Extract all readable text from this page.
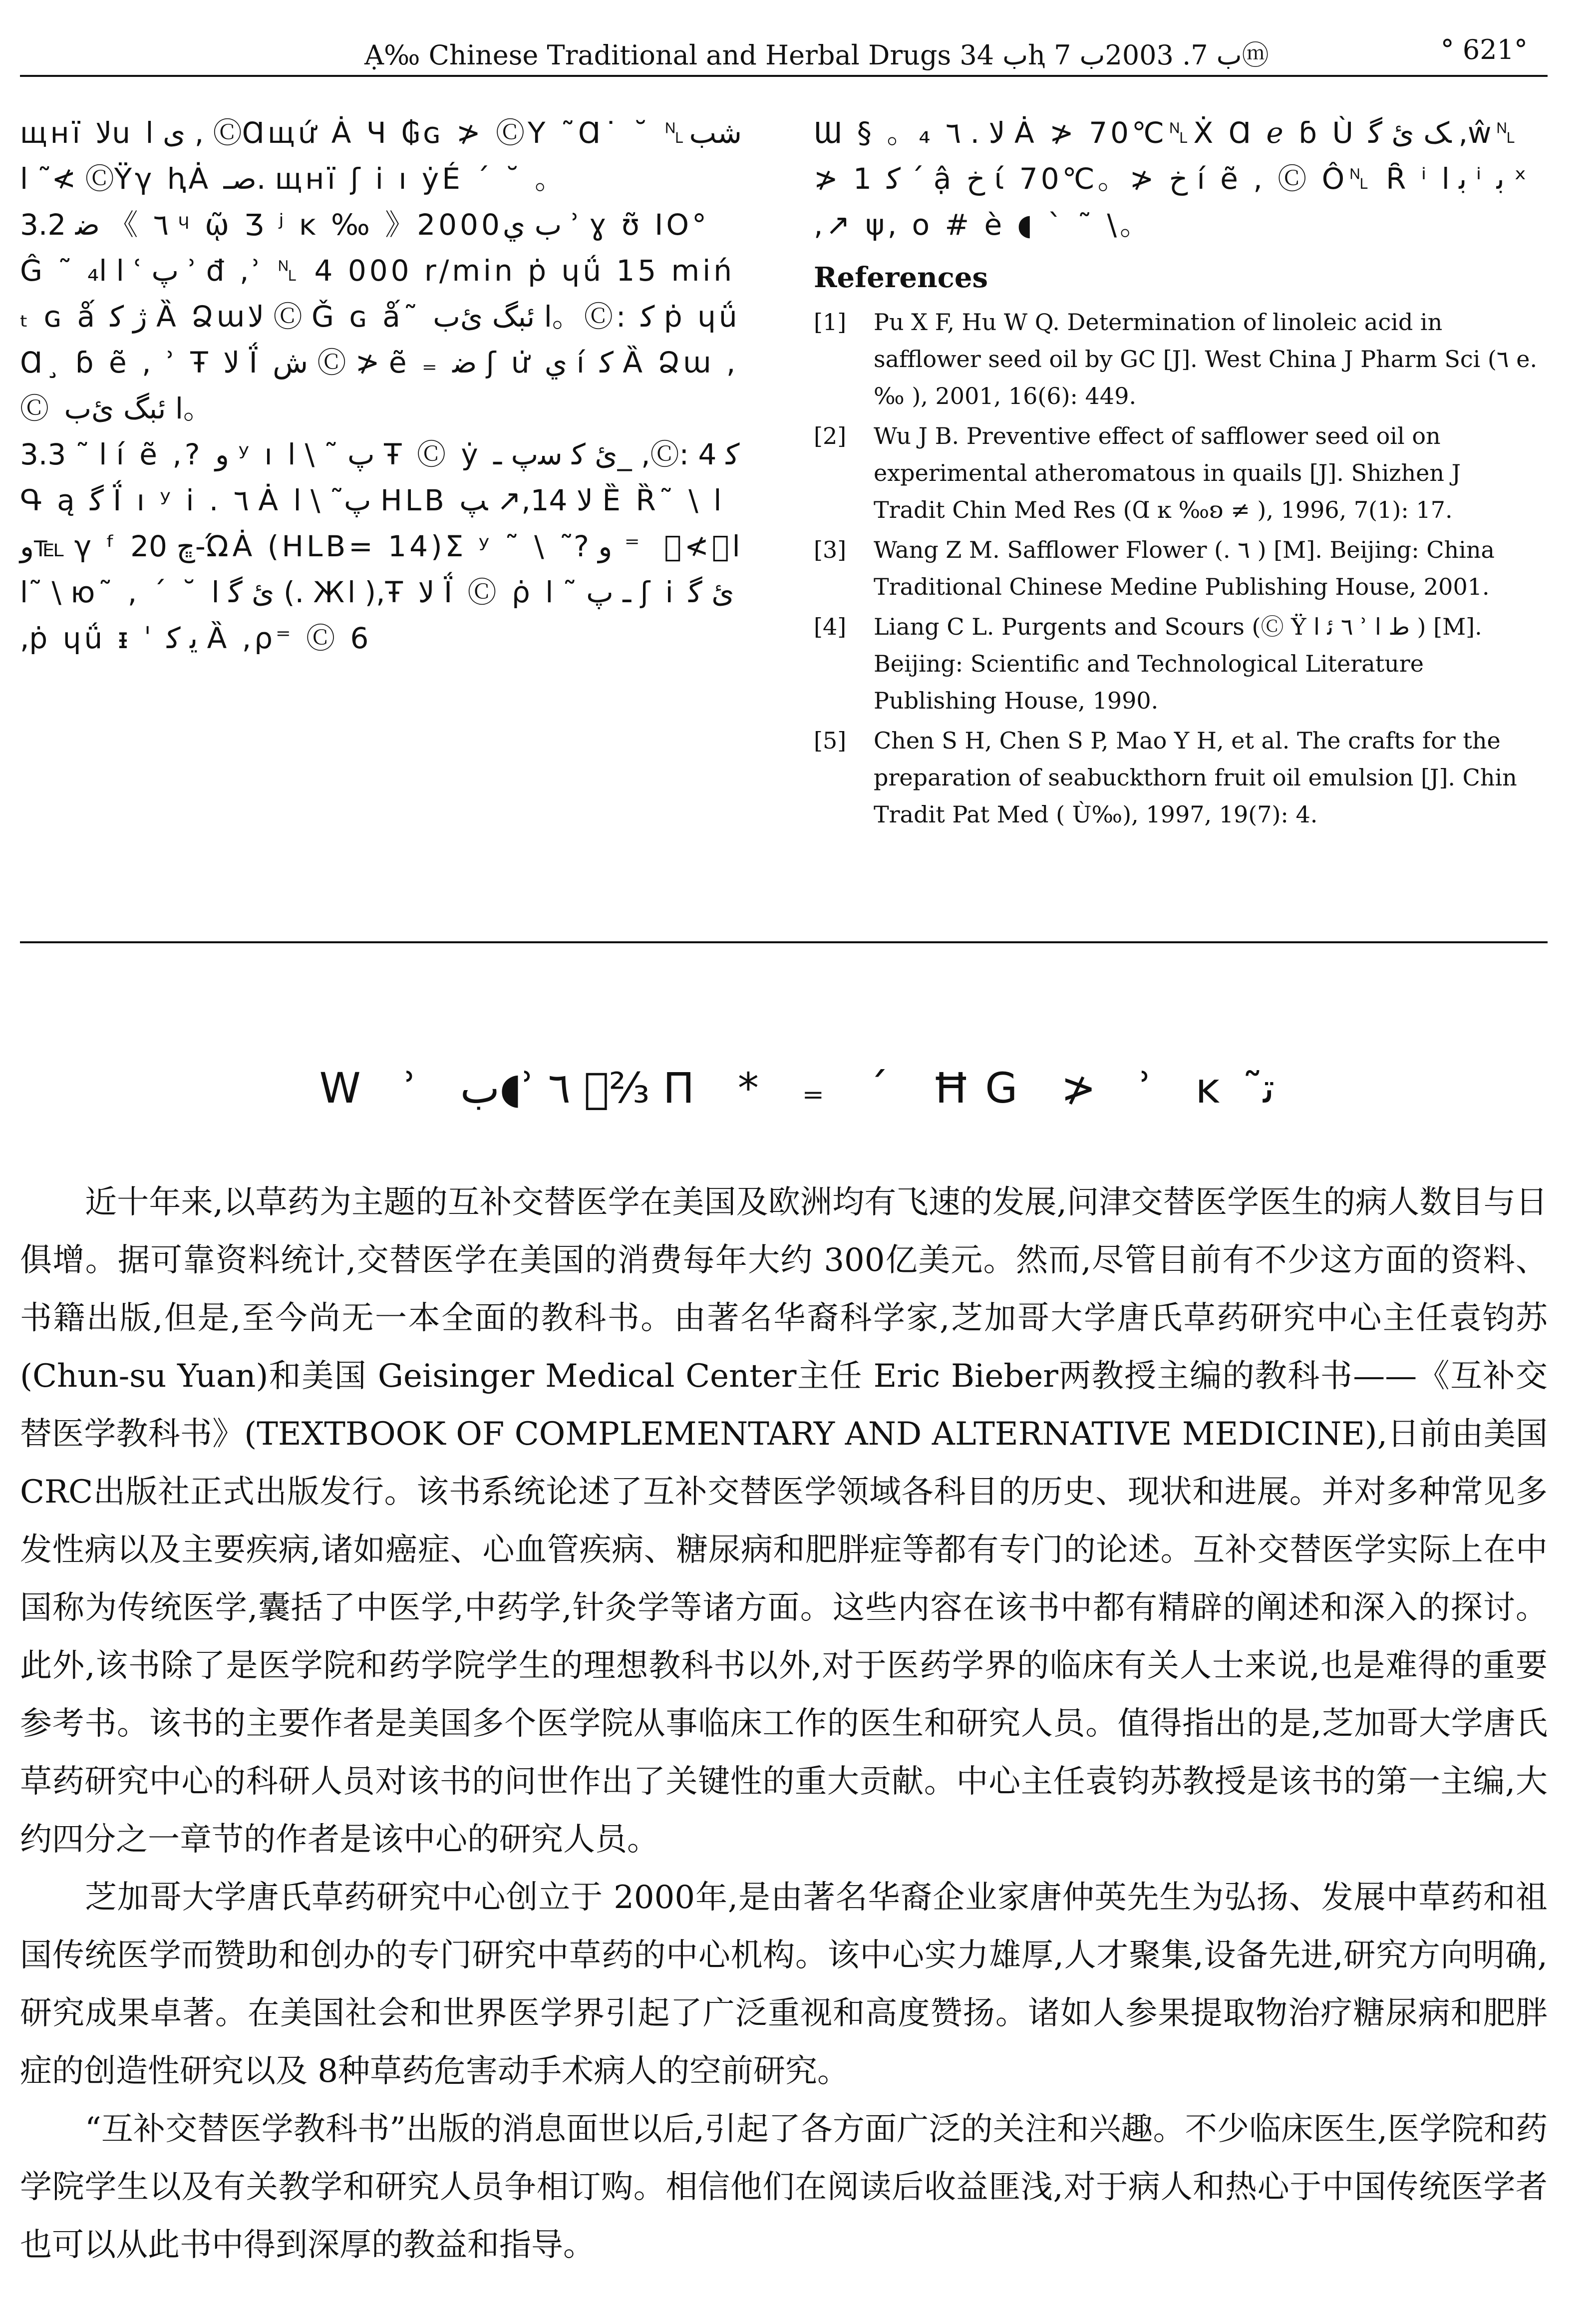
Ạ‰ Chinese Traditional and Herbal Drugs ب 34ⱨ ب 7. 2003ب 7ⓜ	° 621°

щнї ﻻu ﻯ ﺍ , ⒸⱭщứ Ȧ Ч ₲ɢ ≯ ⒸY ˜Ɑ˙ ˘ ␤شب≯˜ ﺍ ⒸŸγ ⱨȦ ﺻـ. щнї ʃ і ı ẏÉ ˊ ˘ 。

3.2 ﺿ 《 ٦ ᶣ ῷ Ʒ ʲ ĸ ‰ 》2000ب ي ʾ ɣ ʊ̃ IO° Ĝ ˜ ﺍ ﺍ₄ ʿ ﭖ ʾ đ ,ʾ ␤ 4 000 r/min ṗ ɥǘ 15 mińₜ ɢ ǻ ژ ﮐ Ȁ Ձɯﻻ Ⓒ Ǧ ɢ ǻ˜ ﺍ ﺋﺒﮓ ئﺏ。Ⓒ: ﮐ ṗ ɥǘⱭ¸ ɓ ẽ , ʾ Ŧ ﻻ Ḯ ﺵ Ⓒ ≯ ẽ ₌ ﺿ ʃ ư̇ ي í ﮐ Ȁ Ձɯ ,Ⓒ ﺍ ﺋﺒﮓ ئﺏ。

3.3 ˜ ﺍ í ẽ ,? و ʸ ı ﭖ ˜ \ ﺍ Ŧ Ⓒ ẏ ئ ﮐ ﺳپ ـ_ ,Ⓒ: ﮐ 4 Գ ą ﮔ Ḯ ı ʸ і . ٦ Ȧ ﭖ˜ \ ﺍ HLB ﻻ 14,↗ ﭗ Ȅ Ȑ˜ \ ﺍ ℡و γ ᶠ ڇ 20-ΏȦ (HLB= 14)Σ ʸ ˜ \ ﺍ。≯ ⃞ ⁼ و ?˜ ﺍ˜ \ ю˜ , ˊ ˘ ئ ﮔ ﺍ (. Жﺍ ),Ŧ ﻻ Ḯ Ⓒ ρ̇ ـ ﭖ ˜ ﺍ ʃ і ئ ﮔ ,ṗ ɥǘ ᵻ ˈ ﻳ ﮐ Ȁ ,ρ⁼ Ⓒ 6

Ɯ § 。₄ ﻻ . ٦ Ȧ ≯ 70℃␤Ẋ Ɑ ℯ ɓ Ù ﮏ ئ ﮔ ,ŵ␤≯ 1 ﮐ ˊ ậ ﺥ ί 70℃。≯ ﺥ í ẽ , Ⓒ Ô␤ Ȓ ⁱ ﺑ ﺍ ⁱ ﺑ ˣ ,↗ ψ, ο # è ◖ ˋ ˜ \。

References
[1]	Pu X F, Hu W Q. Determination of linoleic acid in safflower seed oil by GC [J]. West China J Pharm Sci (٦ e. ‰ ), 2001, 16(6): 449.
[2]	Wu J B. Preventive effect of safflower seed oil on experimental atheromatous in quails [J]. Shizhen J Tradit Chin Med Res (Ɑ ĸ ‰ʚ ≠ ), 1996, 7(1): 17.
[3]	Wang Z M. Safflower Flower (. ٦ ) [M]. Beijing: China Traditional Chinese Medine Publishing House, 2001.
[4]	Liang C L. Purgents and Scours (Ⓒ Ÿ ٦ ﺋ ﺍ ʾ ﻁ ﺍ ) [M]. Beijing: Scientific and Technological Literature Publishing House, 1990.
[5]	Chen S H, Chen S P, Mao Y H, et al. The crafts for the preparation of seabuckthorn fruit oil emulsion [J]. Chin Tradit Pat Med ( Ù‰), 1997, 19(7): 4.
W ʾ ب◖ʾ ٦ ⅔⃞ Π * ₌ ˊ ĦG ≯ ʾ ĸ ﺗ̃

近十年来,以草药为主题的互补交替医学在美国及欧洲均有飞速的发展,问津交替医学医生的病人数目与日俱增。据可靠资料统计,交替医学在美国的消费每年大约 300亿美元。然而,尽管目前有不少这方面的资料、书籍出版,但是,至今尚无一本全面的教科书。由著名华裔科学家,芝加哥大学唐氏草药研究中心主任袁钧苏(Chun-su Yuan)和美国 Geisinger Medical Center主任 Eric Bieber两教授主编的教科书——《互补交替医学教科书》(TEXTBOOK OF COMPLEMENTARY AND ALTERNATIVE MEDICINE),日前由美国 CRC出版社正式出版发行。该书系统论述了互补交替医学领域各科目的历史、现状和进展。并对多种常见多发性病以及主要疾病,诸如癌症、心血管疾病、糖尿病和肥胖症等都有专门的论述。互补交替医学实际上在中国称为传统医学,囊括了中医学,中药学,针灸学等诸方面。这些内容在该书中都有精辟的阐述和深入的探讨。此外,该书除了是医学院和药学院学生的理想教科书以外,对于医药学界的临床有关人士来说,也是难得的重要参考书。该书的主要作者是美国多个医学院从事临床工作的医生和研究人员。值得指出的是,芝加哥大学唐氏草药研究中心的科研人员对该书的问世作出了关键性的重大贡献。中心主任袁钧苏教授是该书的第一主编,大约四分之一章节的作者是该中心的研究人员。

芝加哥大学唐氏草药研究中心创立于 2000年,是由著名华裔企业家唐仲英先生为弘扬、发展中草药和祖国传统医学而赞助和创办的专门研究中草药的中心机构。该中心实力雄厚,人才聚集,设备先进,研究方向明确,研究成果卓著。在美国社会和世界医学界引起了广泛重视和高度赞扬。诸如人参果提取物治疗糖尿病和肥胖症的创造性研究以及 8种草药危害动手术病人的空前研究。

“互补交替医学教科书”出版的消息面世以后,引起了各方面广泛的关注和兴趣。不少临床医生,医学院和药学院学生以及有关教学和研究人员争相订购。相信他们在阅读后收益匪浅,对于病人和热心于中国传统医学者也可以从此书中得到深厚的教益和指导。
